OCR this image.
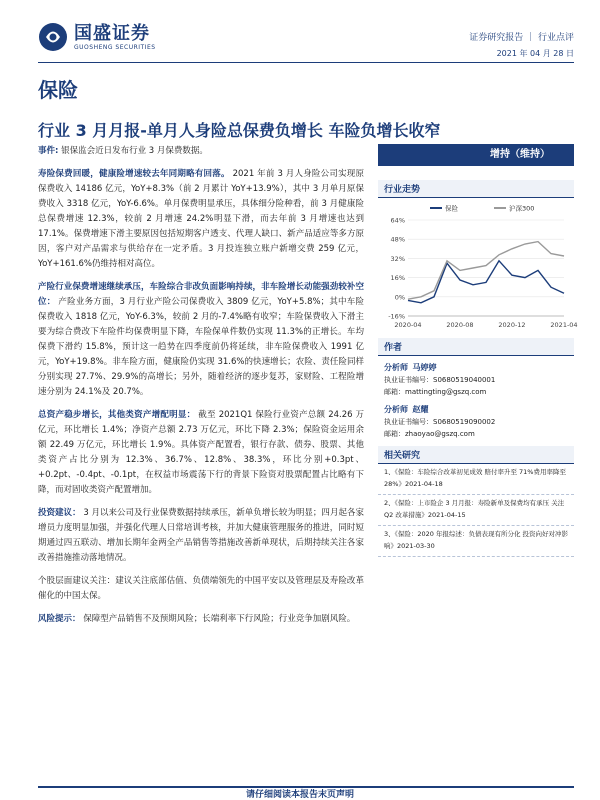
国盛证券
GUOSHENG SECURITIES
证券研究报告 ｜ 行业点评
2021 年 04 月 28 日
保险
行业 3 月月报-单月人身险总保费负增长 车险负增长收窄

事件: 银保监会近日发布行业 3 月保费数据。

寿险保费回暖，健康险增速较去年同期略有回落。 2021 年前 3 月人身险公司实现原保费收入 14186 亿元，YoY+8.3%（前 2 月累计 YoY+13.9%），其中 3 月单月原保费收入 3318 亿元，YoY-6.6%。单月保费明显承压，具体细分险种看，前 3 月健康险总保费增速 12.3%，较前 2 月增速 24.2%明显下滑，而去年前 3 月增速也达到 17.1%。保费增速下滑主要原因包括短期客户透支、代理人缺口、新产品适应等多方原因，客户对产品需求与供给存在一定矛盾。3 月投连独立账户新增交费 259 亿元，YoY+161.6%仍维持相对高位。

产险行业保费增速继续承压，车险综合非改负面影响持续，非车险增长动能强劲较补空位： 产险业务方面，3 月行业产险公司保费收入 3809 亿元，YoY+5.8%；其中车险保费收入 1818 亿元，YoY-6.3%，较前 2 月的-7.4%略有收窄；车险保费收入下滑主要为综合费改下车险件均保费明显下降，车险保单件数仍实现 11.3%的正增长。车均保费下滑约 15.8%，预计这一趋势在四季度前仍将延续，非车险保费收入 1991 亿元，YoY+19.8%。非车险方面，健康险仍实现 31.6%的快速增长；农险、责任险同样分别实现 27.7%、29.9%的高增长；另外，随着经济的逐步复苏，家财险、工程险增速分别为 24.1%及 20.7%。

总资产稳步增长，其他类资产增配明显： 截至 2021Q1 保险行业资产总额 24.26 万亿元，环比增长 1.4%；净资产总额 2.73 万亿元，环比下降 2.3%；保险资金运用余额 22.49 万亿元，环比增长 1.9%。具体资产配置看，银行存款、债券、股票、其他类资产占比分别为 12.3%、36.7%、12.8%、38.3%，环比分别+0.3pt、+0.2pt、-0.4pt、-0.1pt，在权益市场震荡下行的背景下险资对股票配置占比略有下降，而对固收类资产配置增加。

投资建议： 3 月以来公司及行业保费数据持续承压，新单负增长较为明显；四月起各家增员力度明显加强，并强化代理人日常培训考核，并加大健康管理服务的推进，同时短期通过四五联动、增加长期年金两全产品销售等措施改善新单现状，后期持续关注各家改善措施推动落地情况。

个股层面建议关注：建议关注底部估值、负债端领先的中国平安以及管理层及寿险改革催化的中国太保。

风险提示： 保障型产品销售不及预期风险；长端利率下行风险；行业竞争加剧风险。

增持（维持）
行业走势
64%
48%
32%
16%
0%
-16%
2020-04	2020-08	2020-12	2021-04
保险	沪深300
作者
分析师 马婷婷
执业证书编号：S0680519040001
邮箱：mattingting@gszq.com
分析师 赵耀
执业证书编号：S0680519090002
邮箱：zhaoyao@gszq.com
相关研究
1、《保险：车险综合改革初见成效 赔付率升至 71%费用率降至 28%》2021-04-18
2、《保险：上市险企 3 月月报：寿险新单及保费均有承压 关注 Q2 改革措施》2021-04-15
3、《保险：2020 年报综述：负债表现有所分化 投资向好对冲影响》2021-03-30
请仔细阅读本报告末页声明
